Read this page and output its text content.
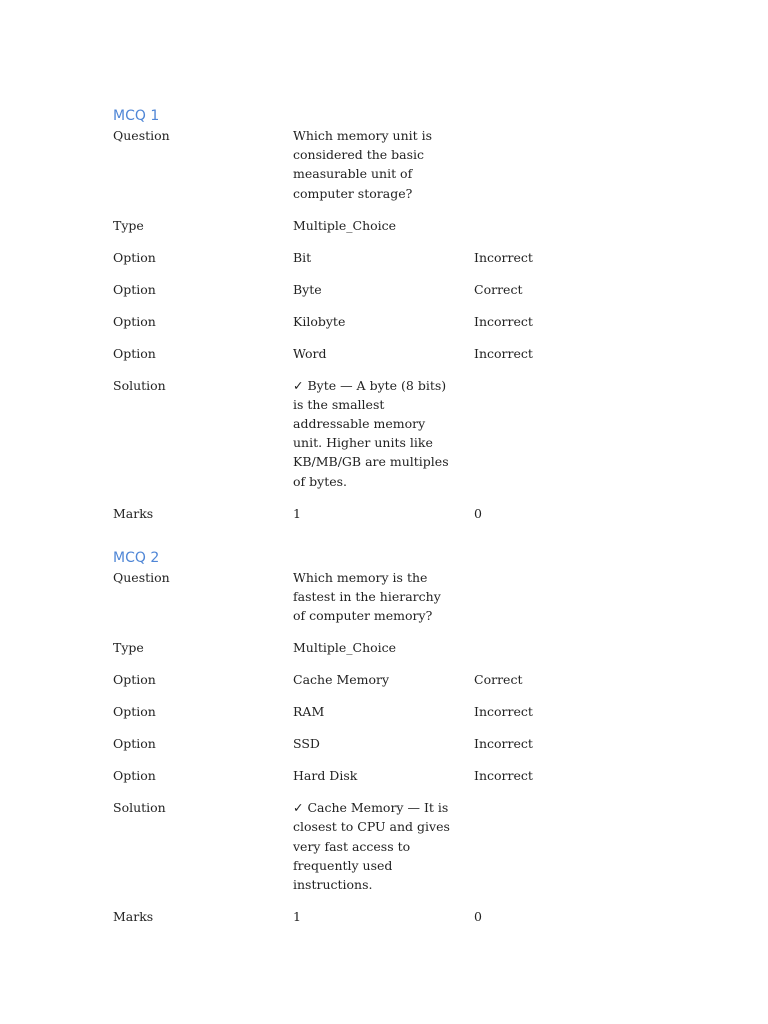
MCQ 1
Question	Which memory unit is considered the basic measurable unit of computer storage?
Type	Multiple_Choice
Option	Bit	Incorrect
Option	Byte	Correct
Option	Kilobyte	Incorrect
Option	Word	Incorrect
Solution	✓ Byte — A byte (8 bits) is the smallest addressable memory unit. Higher units like KB/MB/GB are multiples of bytes.
Marks	1	0
MCQ 2
Question	Which memory is the fastest in the hierarchy of computer memory?
Type	Multiple_Choice
Option	Cache Memory	Correct
Option	RAM	Incorrect
Option	SSD	Incorrect
Option	Hard Disk	Incorrect
Solution	✓ Cache Memory — It is closest to CPU and gives very fast access to frequently used instructions.
Marks	1	0
